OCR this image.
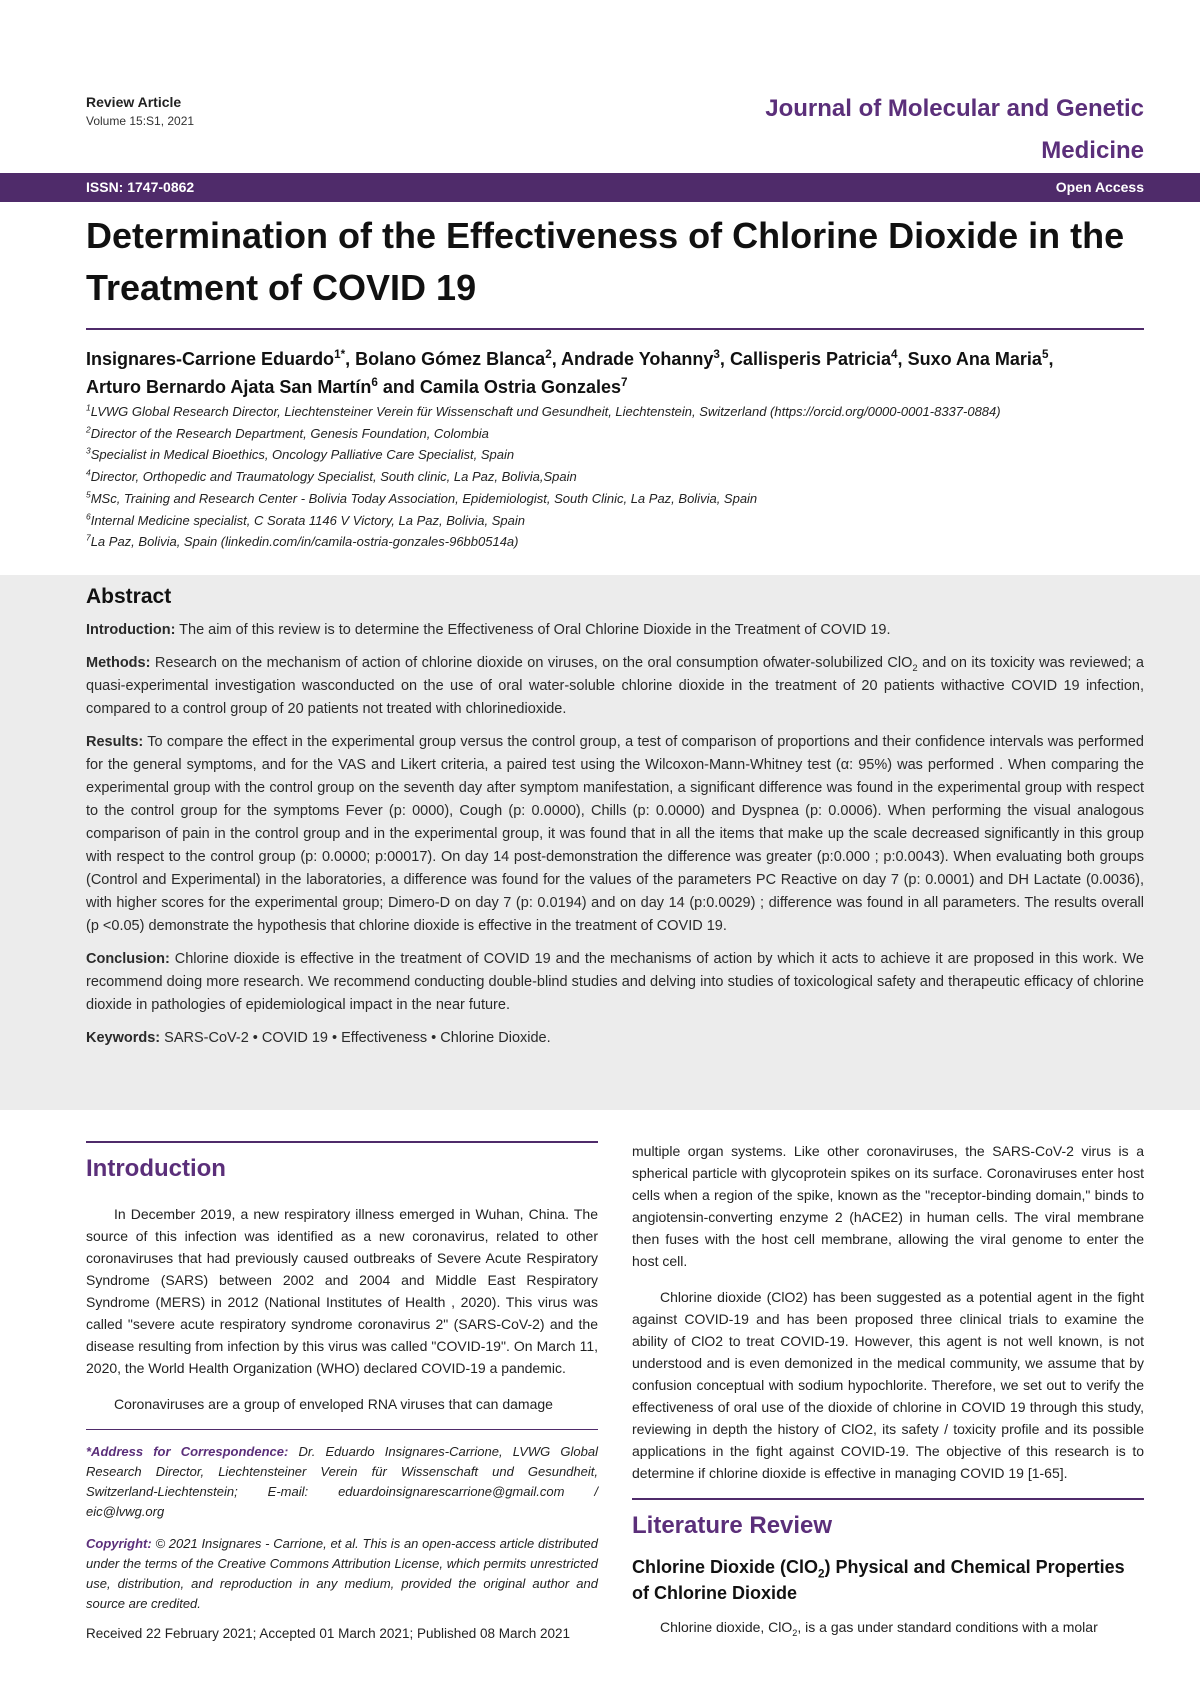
Review Article
Volume 15:S1, 2021	Journal of Molecular and Genetic Medicine
ISSN: 1747-0862	Open Access
Determination of the Effectiveness of Chlorine Dioxide in the Treatment of COVID 19
Insignares-Carrione Eduardo$^{1*}$, Bolano Gómez Blanca$^2$, Andrade Yohanny$^3$, Callisperis Patricia$^4$, Suxo Ana Maria$^5$,
Arturo Bernardo Ajata San Martín$^6$ and Camila Ostria Gonzales$^7$
$^1$LVWG Global Research Director, Liechtensteiner Verein für Wissenschaft und Gesundheit, Liechtenstein, Switzerland (https://orcid.org/0000-0001-8337-0884)
$^2$Director of the Research Department, Genesis Foundation, Colombia
$^3$Specialist in Medical Bioethics, Oncology Palliative Care Specialist, Spain
$^4$Director, Orthopedic and Traumatology Specialist, South clinic, La Paz, Bolivia,Spain
$^5$MSc, Training and Research Center - Bolivia Today Association, Epidemiologist, South Clinic, La Paz, Bolivia, Spain
$^6$Internal Medicine specialist, C Sorata 1146 V Victory, La Paz, Bolivia, Spain
$^7$La Paz, Bolivia, Spain (linkedin.com/in/camila-ostria-gonzales-96bb0514a)
Abstract

Introduction: The aim of this review is to determine the Effectiveness of Oral Chlorine Dioxide in the Treatment of COVID 19.

Methods: Research on the mechanism of action of chlorine dioxide on viruses, on the oral consumption ofwater-solubilized ClO$_2$ and on its toxicity was reviewed; a quasi-experimental investigation wasconducted on the use of oral water-soluble chlorine dioxide in the treatment of 20 patients withactive COVID 19 infection, compared to a control group of 20 patients not treated with chlorinedioxide.

Results: To compare the effect in the experimental group versus the control group, a test of comparison of proportions and their confidence intervals was performed for the general symptoms, and for the VAS and Likert criteria, a paired test using the Wilcoxon-Mann-Whitney test (α: 95%) was performed . When comparing the experimental group with the control group on the seventh day after symptom manifestation, a significant difference was found in the experimental group with respect to the control group for the symptoms Fever (p: 0000), Cough (p: 0.0000), Chills (p: 0.0000) and Dyspnea (p: 0.0006). When performing the visual analogous comparison of pain in the control group and in the experimental group, it was found that in all the items that make up the scale decreased significantly in this group with respect to the control group (p: 0.0000; p:00017). On day 14 post-demonstration the difference was greater (p:0.000 ; p:0.0043). When evaluating both groups (Control and Experimental) in the laboratories, a difference was found for the values of the parameters PC Reactive on day 7 (p: 0.0001) and DH Lactate (0.0036), with higher scores for the experimental group; Dimero-D on day 7 (p: 0.0194) and on day 14 (p:0.0029) ; difference was found in all parameters. The results overall (p <0.05) demonstrate the hypothesis that chlorine dioxide is effective in the treatment of COVID 19.

Conclusion: Chlorine dioxide is effective in the treatment of COVID 19 and the mechanisms of action by which it acts to achieve it are proposed in this work. We recommend doing more research. We recommend conducting double-blind studies and delving into studies of toxicological safety and therapeutic efficacy of chlorine dioxide in pathologies of epidemiological impact in the near future.

Keywords: SARS-CoV-2 • COVID 19 • Effectiveness • Chlorine Dioxide.

Introduction

In December 2019, a new respiratory illness emerged in Wuhan, China. The source of this infection was identified as a new coronavirus, related to other coronaviruses that had previously caused outbreaks of Severe Acute Respiratory Syndrome (SARS) between 2002 and 2004 and Middle East Respiratory Syndrome (MERS) in 2012 (National Institutes of Health , 2020). This virus was called "severe acute respiratory syndrome coronavirus 2" (SARS-CoV-2) and the disease resulting from infection by this virus was called "COVID-19". On March 11, 2020, the World Health Organization (WHO) declared COVID-19 a pandemic.

Coronaviruses are a group of enveloped RNA viruses that can damage

*Address for Correspondence: Dr. Eduardo Insignares-Carrione, LVWG Global Research Director, Liechtensteiner Verein für Wissenschaft und Gesundheit, Switzerland-Liechtenstein; E-mail: eduardoinsignarescarrione@gmail.com / eic@lvwg.org

Copyright: © 2021 Insignares - Carrione, et al. This is an open-access article distributed under the terms of the Creative Commons Attribution License, which permits unrestricted use, distribution, and reproduction in any medium, provided the original author and source are credited.

Received 22 February 2021; Accepted 01 March 2021; Published 08 March 2021

multiple organ systems. Like other coronaviruses, the SARS-CoV-2 virus is a spherical particle with glycoprotein spikes on its surface. Coronaviruses enter host cells when a region of the spike, known as the "receptor-binding domain," binds to angiotensin-converting enzyme 2 (hACE2) in human cells. The viral membrane then fuses with the host cell membrane, allowing the viral genome to enter the host cell.

Chlorine dioxide (ClO2) has been suggested as a potential agent in the fight against COVID-19 and has been proposed three clinical trials to examine the ability of ClO2 to treat COVID-19. However, this agent is not well known, is not understood and is even demonized in the medical community, we assume that by confusion conceptual with sodium hypochlorite. Therefore, we set out to verify the effectiveness of oral use of the dioxide of chlorine in COVID 19 through this study, reviewing in depth the history of ClO2, its safety / toxicity profile and its possible applications in the fight against COVID-19. The objective of this research is to determine if chlorine dioxide is effective in managing COVID 19 [1-65].

Literature Review
Chlorine Dioxide (ClO$_2$) Physical and Chemical Properties of Chlorine Dioxide

Chlorine dioxide, ClO$_2$, is a gas under standard conditions with a molar
